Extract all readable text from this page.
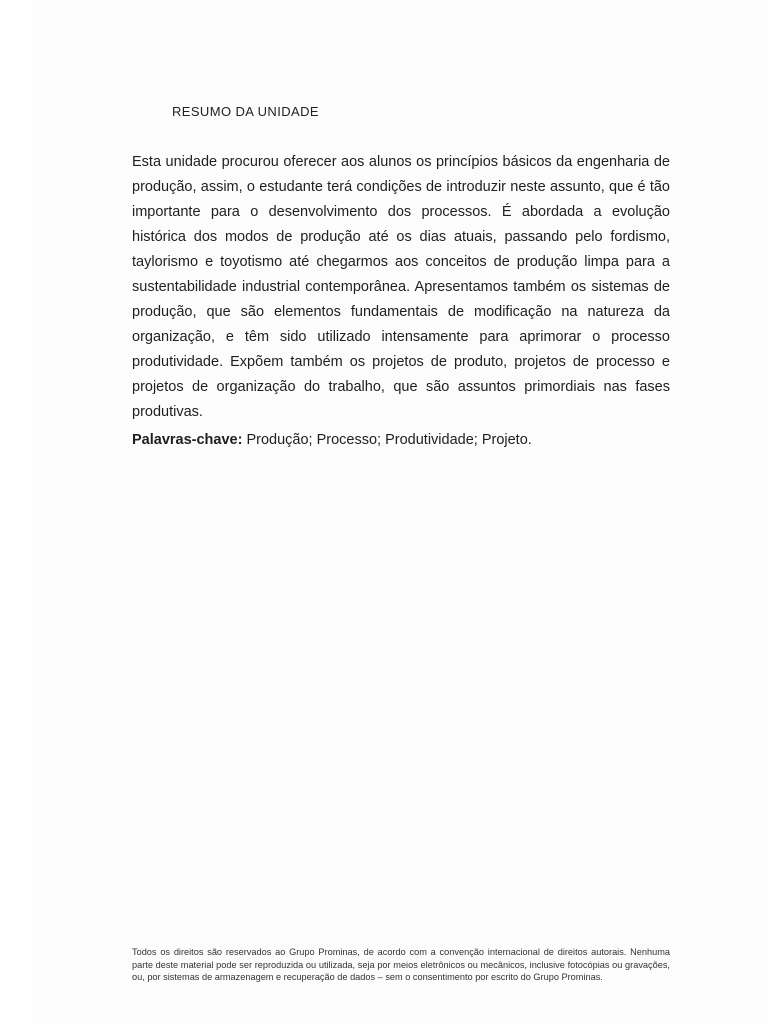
RESUMO DA UNIDADE

Esta unidade procurou oferecer aos alunos os princípios básicos da engenharia de produção, assim, o estudante terá condições de introduzir neste assunto, que é tão importante para o desenvolvimento dos processos. É abordada a evolução histórica dos modos de produção até os dias atuais, passando pelo fordismo, taylorismo e toyotismo até chegarmos aos conceitos de produção limpa para a sustentabilidade industrial contemporânea. Apresentamos também os sistemas de produção, que são elementos fundamentais de modificação na natureza da organização, e têm sido utilizado intensamente para aprimorar o processo produtividade. Expõem também os projetos de produto, projetos de processo e projetos de organização do trabalho, que são assuntos primordiais nas fases produtivas.

Palavras-chave: Produção; Processo; Produtividade; Projeto.

Todos os direitos são reservados ao Grupo Prominas, de acordo com a convenção internacional de direitos autorais. Nenhuma parte deste material pode ser reproduzida ou utilizada, seja por meios eletrônicos ou mecânicos, inclusive fotocópias ou gravações, ou, por sistemas de armazenagem e recuperação de dados – sem o consentimento por escrito do Grupo Prominas.
